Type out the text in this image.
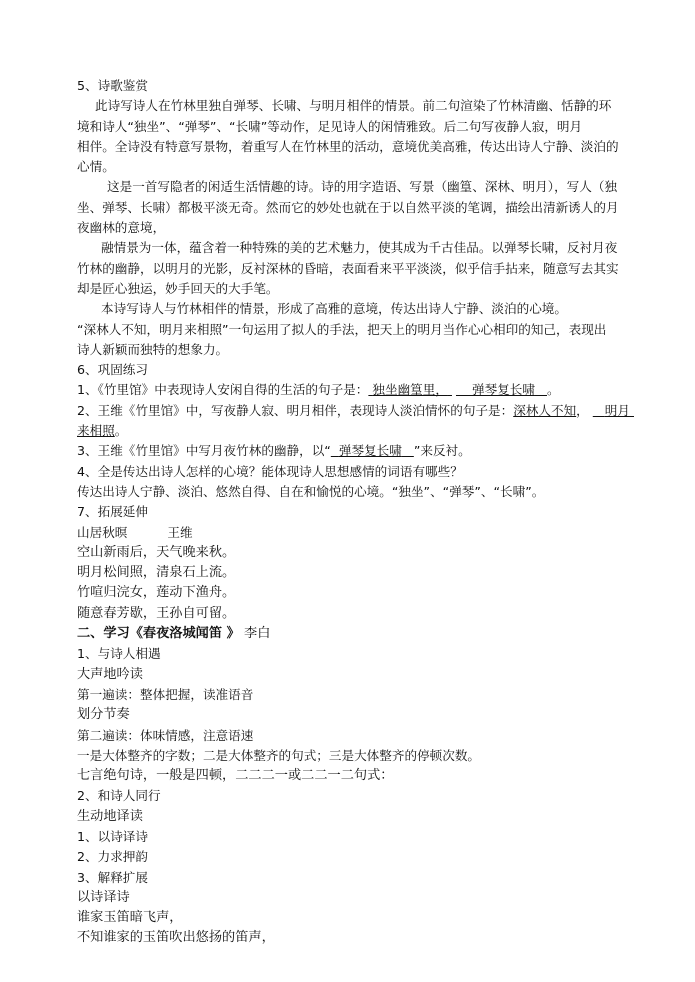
5、诗歌鉴赏
此诗写诗人在竹林里独自弹琴、长啸、与明月相伴的情景。前二句渲染了竹林清幽、恬静的环
境和诗人“独坐”、“弹琴”、“长啸”等动作，足见诗人的闲情雅致。后二句写夜静人寂，明月
相伴。全诗没有特意写景物，着重写人在竹林里的活动，意境优美高雅，传达出诗人宁静、淡泊的
心情。
这是一首写隐者的闲适生活情趣的诗。诗的用字造语、写景（幽篁、深林、明月），写人（独
坐、弹琴、长啸）都极平淡无奇。然而它的妙处也就在于以自然平淡的笔调，描绘出清新诱人的月
夜幽林的意境，
融情景为一体，蕴含着一种特殊的美的艺术魅力，使其成为千古佳品。以弹琴长啸，反衬月夜
竹林的幽静，以明月的光影，反衬深林的昏暗，表面看来平平淡淡，似乎信手拈来，随意写去其实
却是匠心独运，妙手回天的大手笔。
本诗写诗人与竹林相伴的情景，形成了高雅的意境，传达出诗人宁静、淡泊的心境。
“深林人不知，明月来相照”一句运用了拟人的手法，把天上的明月当作心心相印的知己，表现出
诗人新颖而独特的想象力。
6、巩固练习
1、《竹里馆》中表现诗人安闲自得的生活的句子是： 独坐幽篁里， 弹琴复长啸 。
2、王维《竹里馆》中，写夜静人寂、明月相伴，表现诗人淡泊情怀的句子是：深林人不知， 明月
来相照。
3、王维《竹里馆》中写月夜竹林的幽静，以“ 弹琴复长啸 ”来反衬。
4、全是传达出诗人怎样的心境？能体现诗人思想感情的词语有哪些？
传达出诗人宁静、淡泊、悠然自得、自在和愉悦的心境。“独坐”、“弹琴”、“长啸”。
7、拓展延伸
山居秋暝	王维
空山新雨后，天气晚来秋。
明月松间照，清泉石上流。
竹喧归浣女，莲动下渔舟。
随意春芳歇，王孙自可留。
二、学习《春夜洛城闻笛 》 李白
1、与诗人相遇
大声地吟读
第一遍读：整体把握，读准语音
划分节奏
第二遍读：体味情感，注意语速
一是大体整齐的字数；二是大体整齐的句式；三是大体整齐的停顿次数。
七言绝句诗，一般是四顿，二二二一或二二一二句式：
2、和诗人同行
生动地译读
1、以诗译诗
2、力求押韵
3、解释扩展
以诗译诗
谁家玉笛暗飞声，
不知谁家的玉笛吹出悠扬的笛声，
